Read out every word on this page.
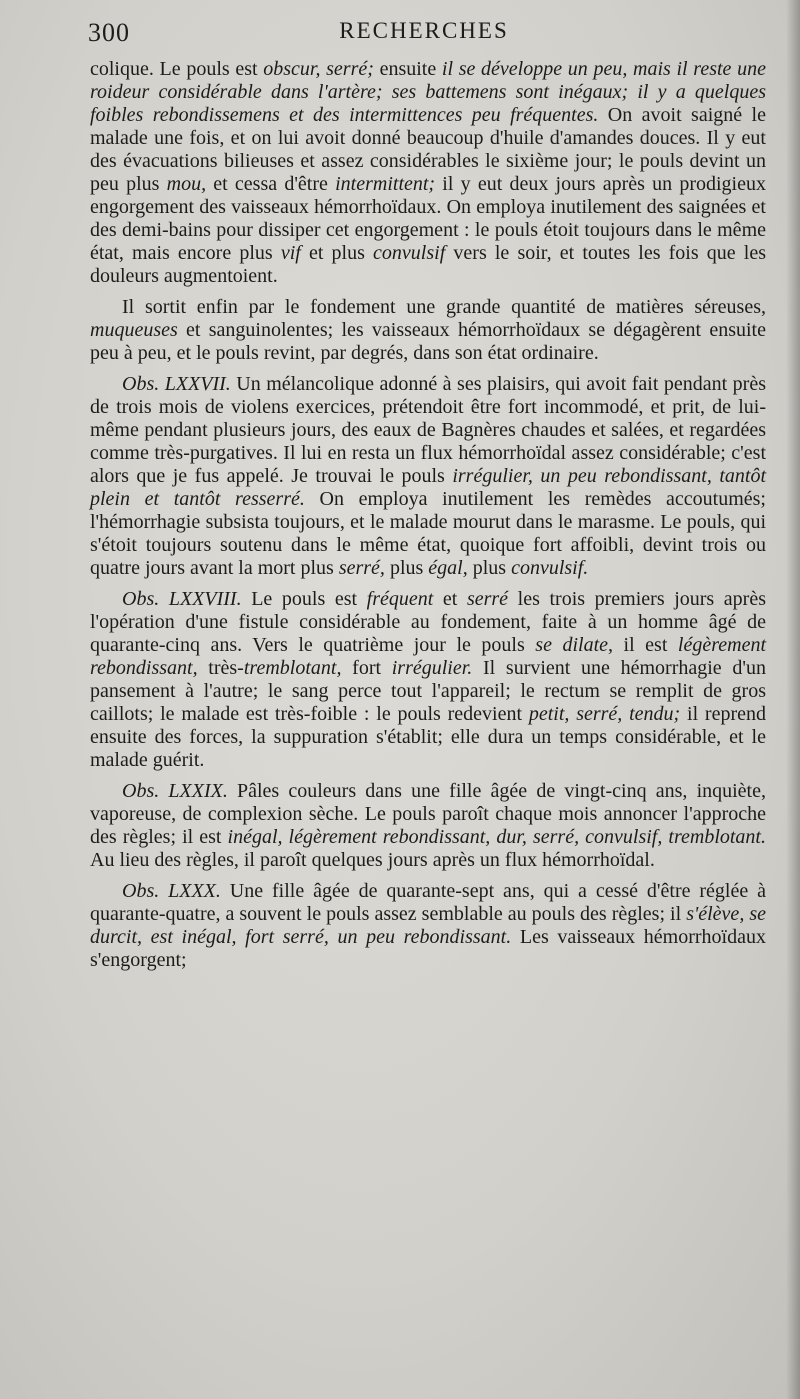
300	RECHERCHES

colique. Le pouls est obscur, serré; ensuite il se développe un peu, mais il reste une roideur considérable dans l'artère; ses battemens sont inégaux; il y a quelques foibles rebondissemens et des intermittences peu fréquentes. On avoit saigné le malade une fois, et on lui avoit donné beaucoup d'huile d'amandes douces. Il y eut des évacuations bilieuses et assez considérables le sixième jour; le pouls devint un peu plus mou, et cessa d'être intermittent; il y eut deux jours après un prodigieux engorgement des vaisseaux hémorrhoïdaux. On employa inutilement des saignées et des demi-bains pour dissiper cet engorgement : le pouls étoit toujours dans le même état, mais encore plus vif et plus convulsif vers le soir, et toutes les fois que les douleurs augmentoient.

Il sortit enfin par le fondement une grande quantité de matières séreuses, muqueuses et sanguinolentes; les vaisseaux hémorrhoïdaux se dégagèrent ensuite peu à peu, et le pouls revint, par degrés, dans son état ordinaire.

Obs. LXXVII. Un mélancolique adonné à ses plaisirs, qui avoit fait pendant près de trois mois de violens exercices, prétendoit être fort incommodé, et prit, de lui-même pendant plusieurs jours, des eaux de Bagnères chaudes et salées, et regardées comme très-purgatives. Il lui en resta un flux hémorrhoïdal assez considérable; c'est alors que je fus appelé. Je trouvai le pouls irrégulier, un peu rebondissant, tantôt plein et tantôt resserré. On employa inutilement les remèdes accoutumés; l'hémorrhagie subsista toujours, et le malade mourut dans le marasme. Le pouls, qui s'étoit toujours soutenu dans le même état, quoique fort affoibli, devint trois ou quatre jours avant la mort plus serré, plus égal, plus convulsif.

Obs. LXXVIII. Le pouls est fréquent et serré les trois premiers jours après l'opération d'une fistule considérable au fondement, faite à un homme âgé de quarante-cinq ans. Vers le quatrième jour le pouls se dilate, il est légèrement rebondissant, très-tremblotant, fort irrégulier. Il survient une hémorrhagie d'un pansement à l'autre; le sang perce tout l'appareil; le rectum se remplit de gros caillots; le malade est très-foible : le pouls redevient petit, serré, tendu; il reprend ensuite des forces, la suppuration s'établit; elle dura un temps considérable, et le malade guérit.

Obs. LXXIX. Pâles couleurs dans une fille âgée de vingt-cinq ans, inquiète, vaporeuse, de complexion sèche. Le pouls paroît chaque mois annoncer l'approche des règles; il est inégal, légèrement rebondissant, dur, serré, convulsif, tremblotant. Au lieu des règles, il paroît quelques jours après un flux hémorrhoïdal.

Obs. LXXX. Une fille âgée de quarante-sept ans, qui a cessé d'être réglée à quarante-quatre, a souvent le pouls assez semblable au pouls des règles; il s'élève, se durcit, est inégal, fort serré, un peu rebondissant. Les vaisseaux hémorrhoïdaux s'engorgent;
